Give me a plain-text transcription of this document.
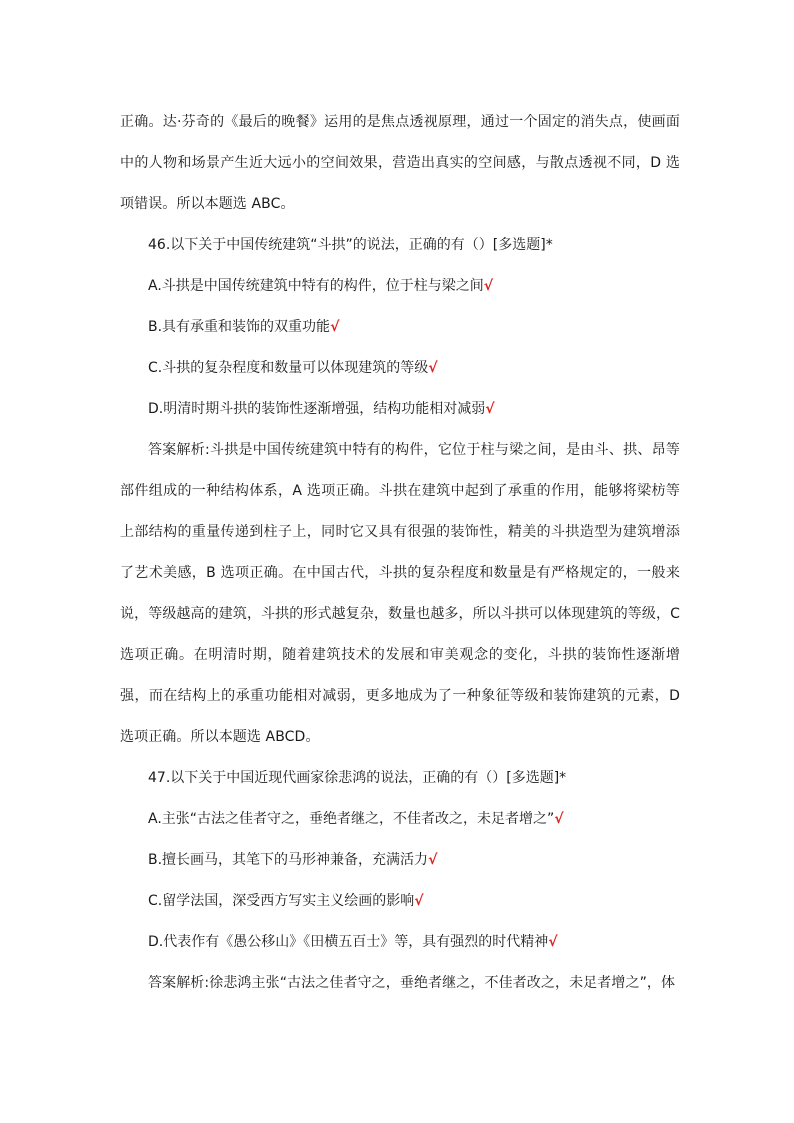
正确。达·芬奇的《最后的晚餐》运用的是焦点透视原理，通过一个固定的消失点，使画面中的人物和场景产生近大远小的空间效果，营造出真实的空间感，与散点透视不同，D 选项错误。所以本题选 ABC。

46.以下关于中国传统建筑“斗拱”的说法，正确的有（）[多选题]*

A.斗拱是中国传统建筑中特有的构件，位于柱与梁之间√

B.具有承重和装饰的双重功能√

C.斗拱的复杂程度和数量可以体现建筑的等级√

D.明清时期斗拱的装饰性逐渐增强，结构功能相对减弱√

答案解析:斗拱是中国传统建筑中特有的构件，它位于柱与梁之间，是由斗、拱、昂等部件组成的一种结构体系，A 选项正确。斗拱在建筑中起到了承重的作用，能够将梁枋等上部结构的重量传递到柱子上，同时它又具有很强的装饰性，精美的斗拱造型为建筑增添了艺术美感，B 选项正确。在中国古代，斗拱的复杂程度和数量是有严格规定的，一般来说，等级越高的建筑，斗拱的形式越复杂，数量也越多，所以斗拱可以体现建筑的等级，C 选项正确。在明清时期，随着建筑技术的发展和审美观念的变化，斗拱的装饰性逐渐增强，而在结构上的承重功能相对减弱，更多地成为了一种象征等级和装饰建筑的元素，D 选项正确。所以本题选 ABCD。

47.以下关于中国近现代画家徐悲鸿的说法，正确的有（）[多选题]*

A.主张“古法之佳者守之，垂绝者继之，不佳者改之，未足者增之”√

B.擅长画马，其笔下的马形神兼备，充满活力√

C.留学法国，深受西方写实主义绘画的影响√

D.代表作有《愚公移山》《田横五百士》等，具有强烈的时代精神√

答案解析:徐悲鸿主张“古法之佳者守之，垂绝者继之，不佳者改之，未足者增之”，体
